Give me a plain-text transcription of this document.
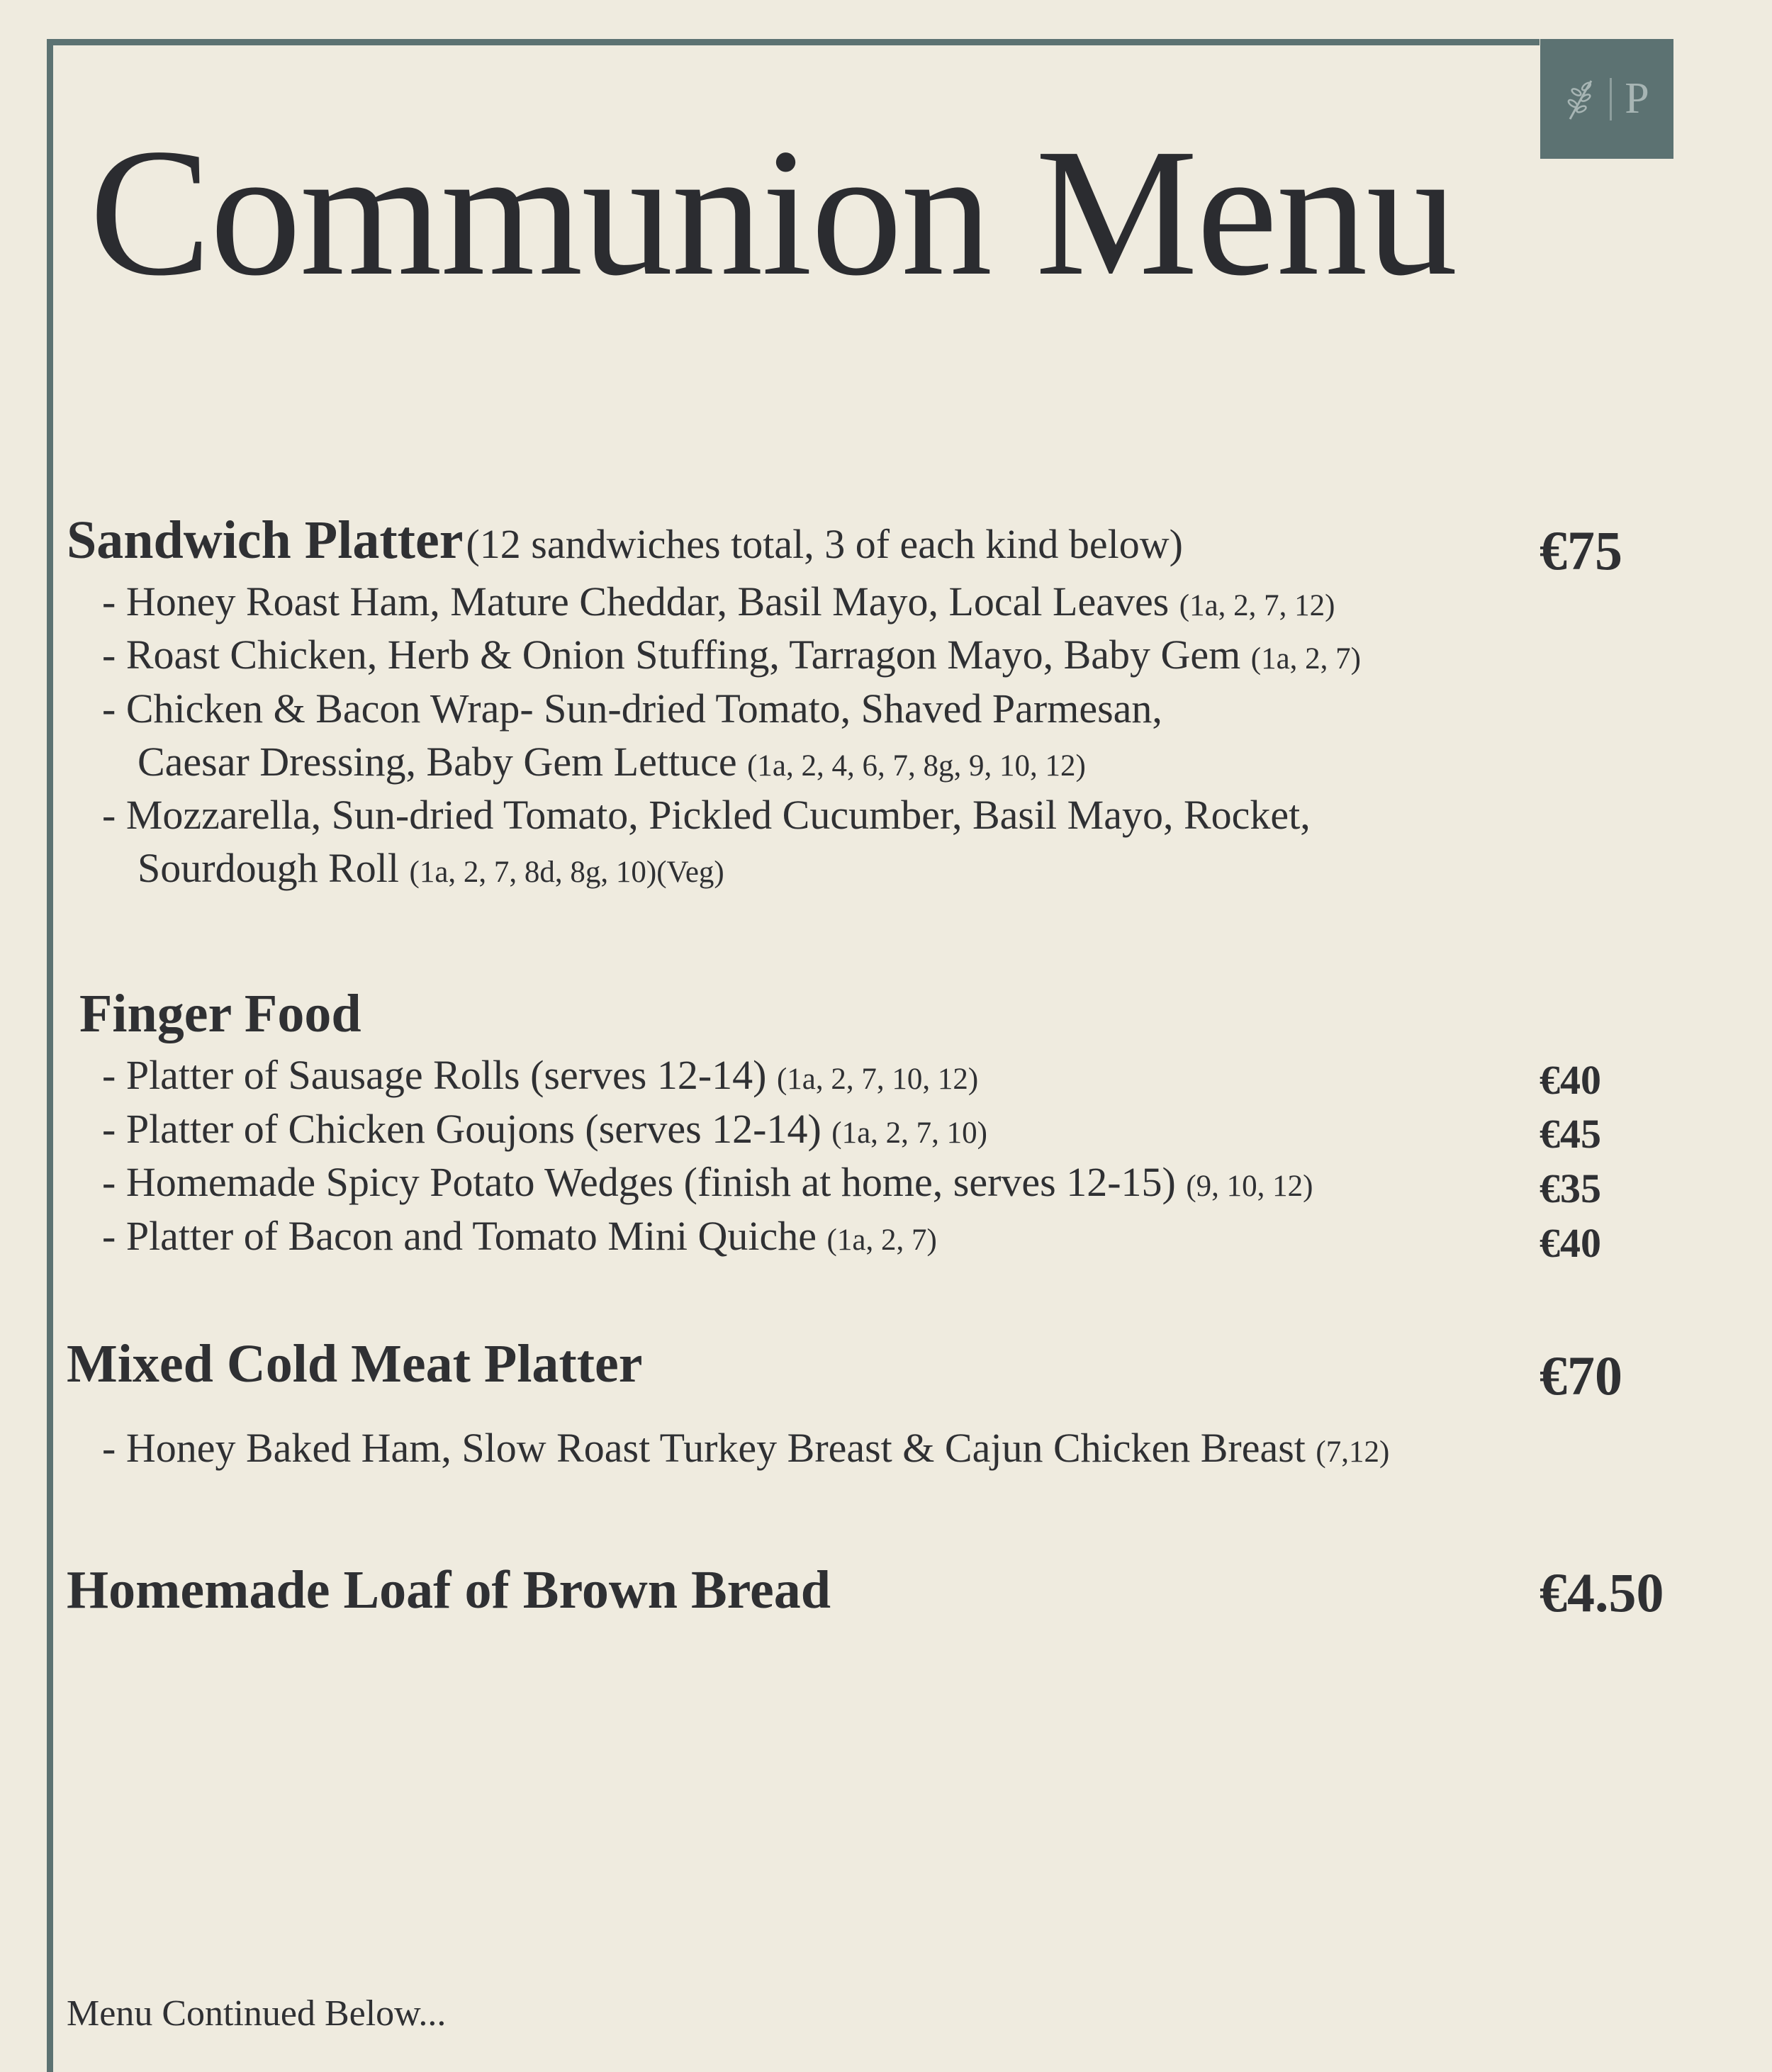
P
Communion Menu
Sandwich Platter (12 sandwiches total, 3 of each kind below)	€75
- Honey Roast Ham, Mature Cheddar, Basil Mayo, Local Leaves (1a, 2, 7, 12)
- Roast Chicken, Herb & Onion Stuffing, Tarragon Mayo, Baby Gem (1a, 2, 7)
- Chicken & Bacon Wrap- Sun-dried Tomato, Shaved Parmesan,
Caesar Dressing, Baby Gem Lettuce (1a, 2, 4, 6, 7, 8g, 9, 10, 12)
- Mozzarella, Sun-dried Tomato, Pickled Cucumber, Basil Mayo, Rocket,
Sourdough Roll (1a, 2, 7, 8d, 8g, 10)(Veg)
Finger Food
- Platter of Sausage Rolls (serves 12-14) (1a, 2, 7, 10, 12)	€40
- Platter of Chicken Goujons (serves 12-14) (1a, 2, 7, 10)	€45
- Homemade Spicy Potato Wedges (finish at home, serves 12-15) (9, 10, 12)	€35
- Platter of Bacon and Tomato Mini Quiche (1a, 2, 7)	€40
Mixed Cold Meat Platter	€70
- Honey Baked Ham, Slow Roast Turkey Breast & Cajun Chicken Breast (7,12)
Homemade Loaf of Brown Bread	€4.50
Menu Continued Below...
